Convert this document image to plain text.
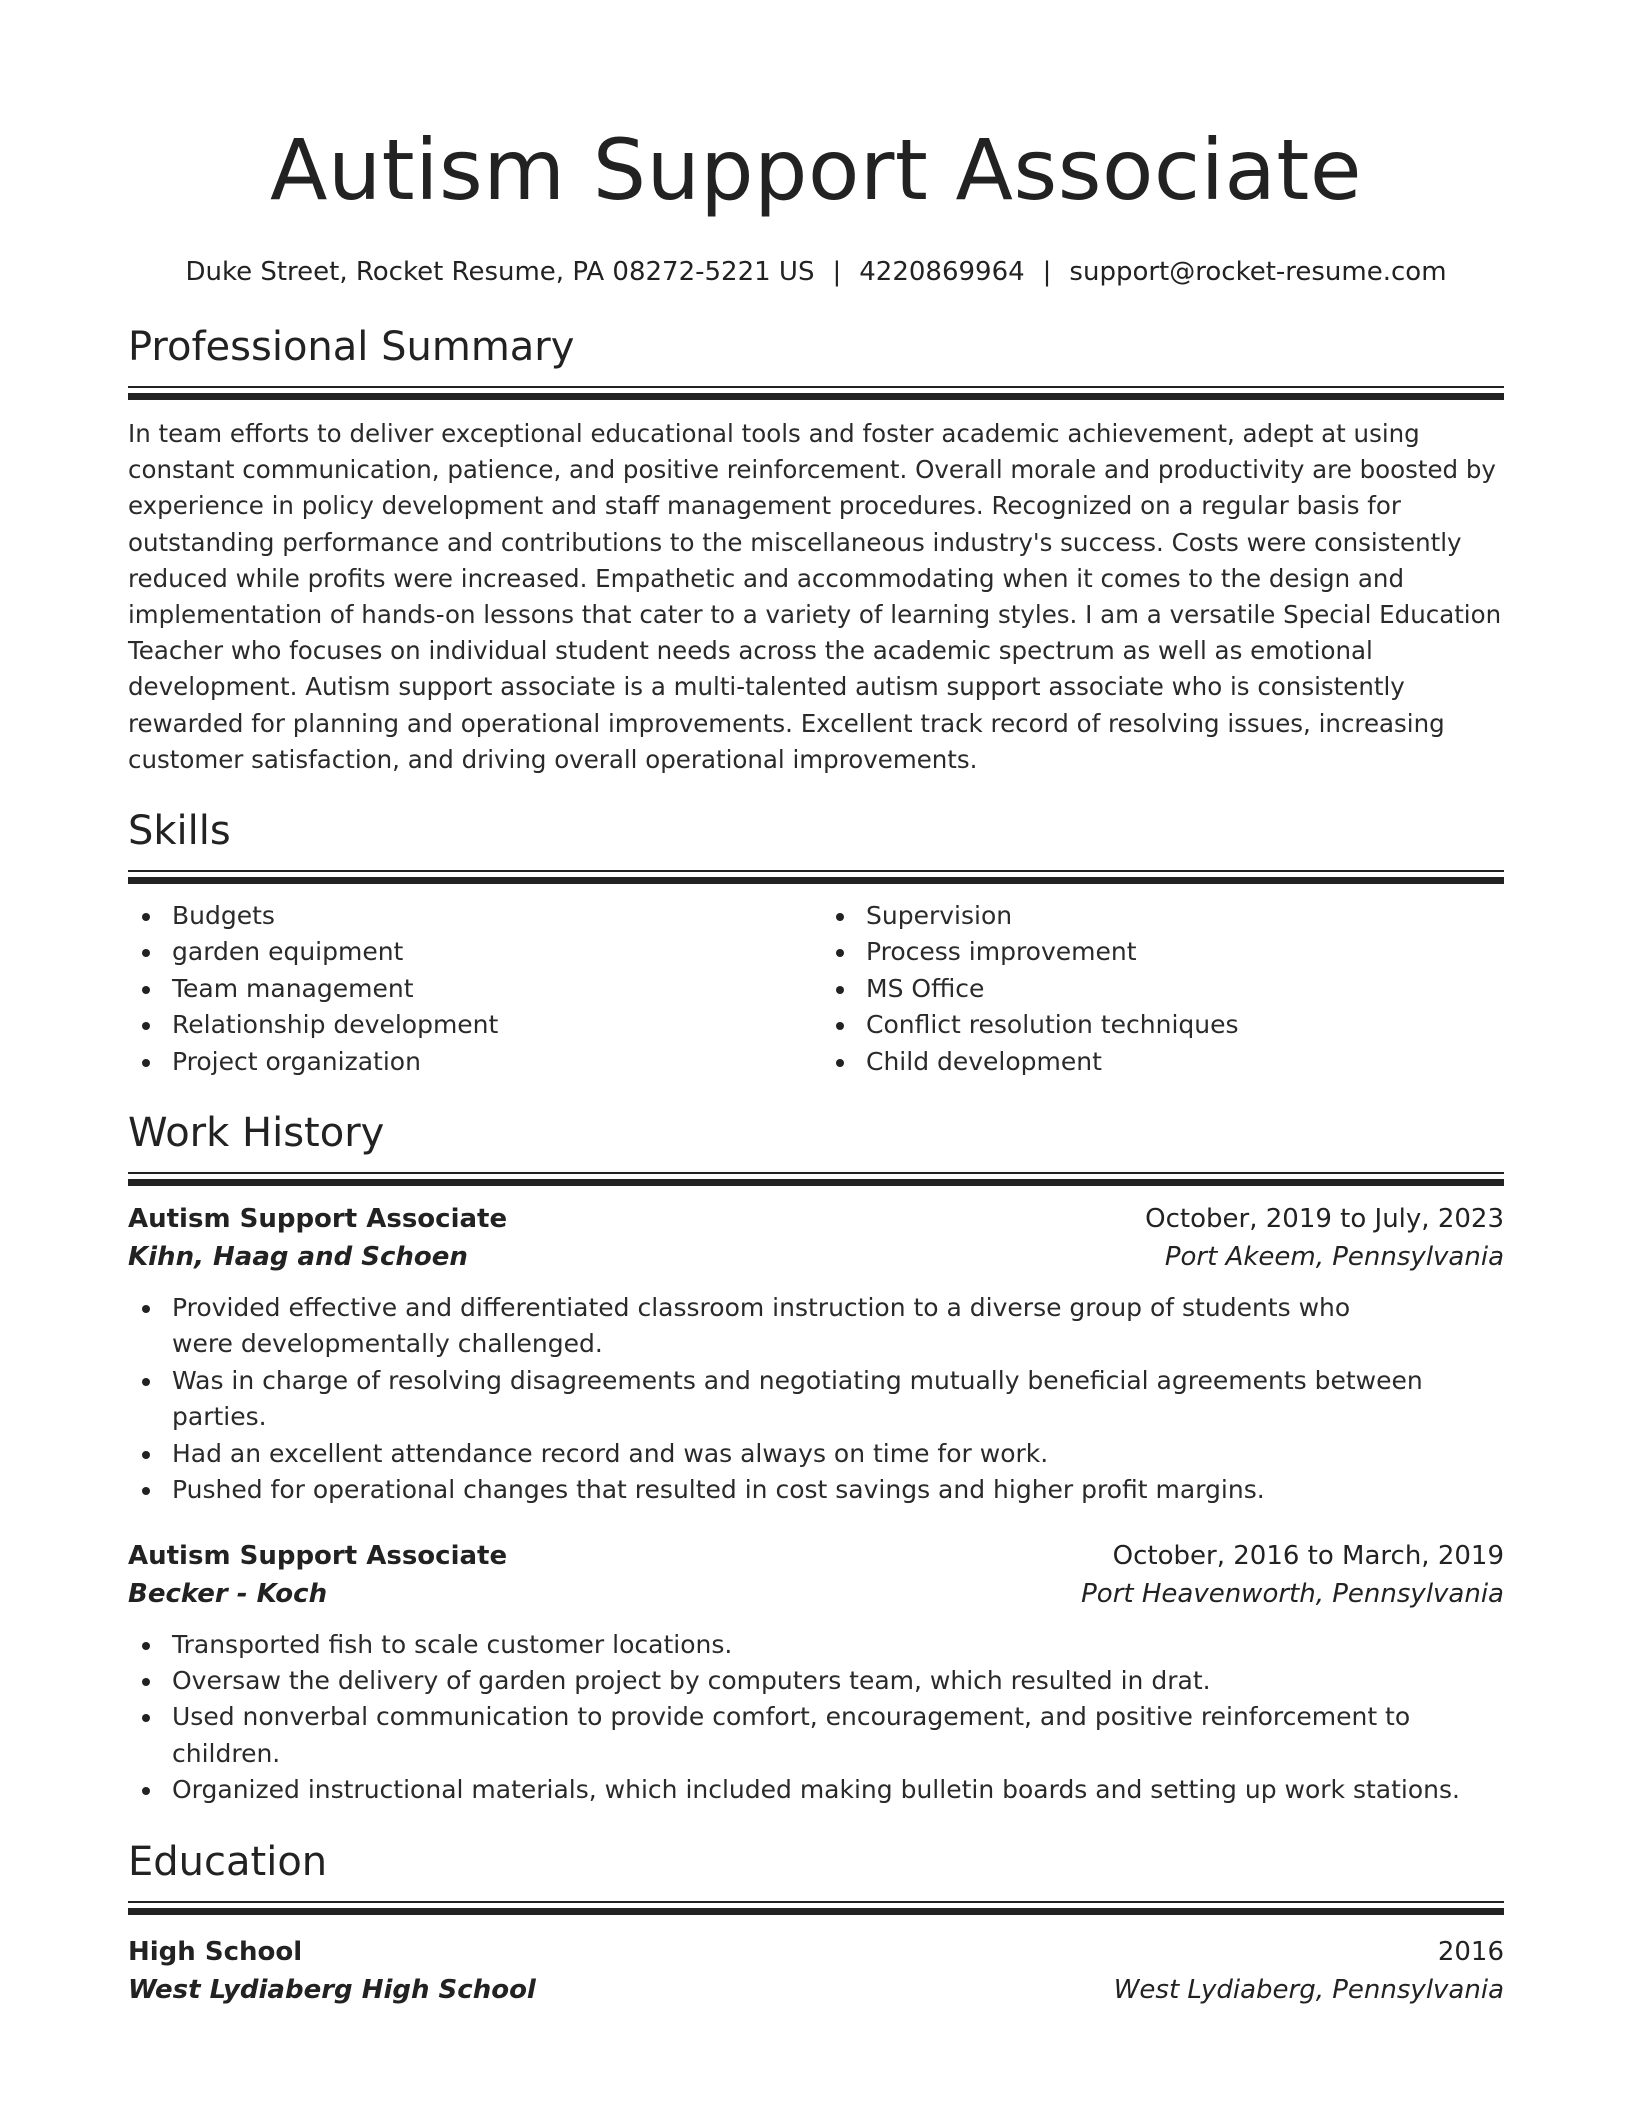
Autism Support Associate
Duke Street, Rocket Resume, PA 08272-5221 US | 4220869964 | support@rocket-resume.com
Professional Summary

In team efforts to deliver exceptional educational tools and foster academic achievement, adept at using constant communication, patience, and positive reinforcement. Overall morale and productivity are boosted by experience in policy development and staff management procedures. Recognized on a regular basis for outstanding performance and contributions to the miscellaneous industry's success. Costs were consistently reduced while profits were increased. Empathetic and accommodating when it comes to the design and implementation of hands-on lessons that cater to a variety of learning styles. I am a versatile Special Education Teacher who focuses on individual student needs across the academic spectrum as well as emotional development. Autism support associate is a multi-talented autism support associate who is consistently rewarded for planning and operational improvements. Excellent track record of resolving issues, increasing customer satisfaction, and driving overall operational improvements.

Skills
Budgets
garden equipment
Team management
Relationship development
Project organization
Supervision
Process improvement
MS Office
Conflict resolution techniques
Child development
Work History
Autism Support Associate	October, 2019 to July, 2023
Kihn, Haag and Schoen	Port Akeem, Pennsylvania
Provided effective and differentiated classroom instruction to a diverse group of students who were developmentally challenged.
Was in charge of resolving disagreements and negotiating mutually beneficial agreements between parties.
Had an excellent attendance record and was always on time for work.
Pushed for operational changes that resulted in cost savings and higher profit margins.
Autism Support Associate	October, 2016 to March, 2019
Becker - Koch	Port Heavenworth, Pennsylvania
Transported fish to scale customer locations.
Oversaw the delivery of garden project by computers team, which resulted in drat.
Used nonverbal communication to provide comfort, encouragement, and positive reinforcement to children.
Organized instructional materials, which included making bulletin boards and setting up work stations.
Education
High School	2016
West Lydiaberg High School	West Lydiaberg, Pennsylvania
